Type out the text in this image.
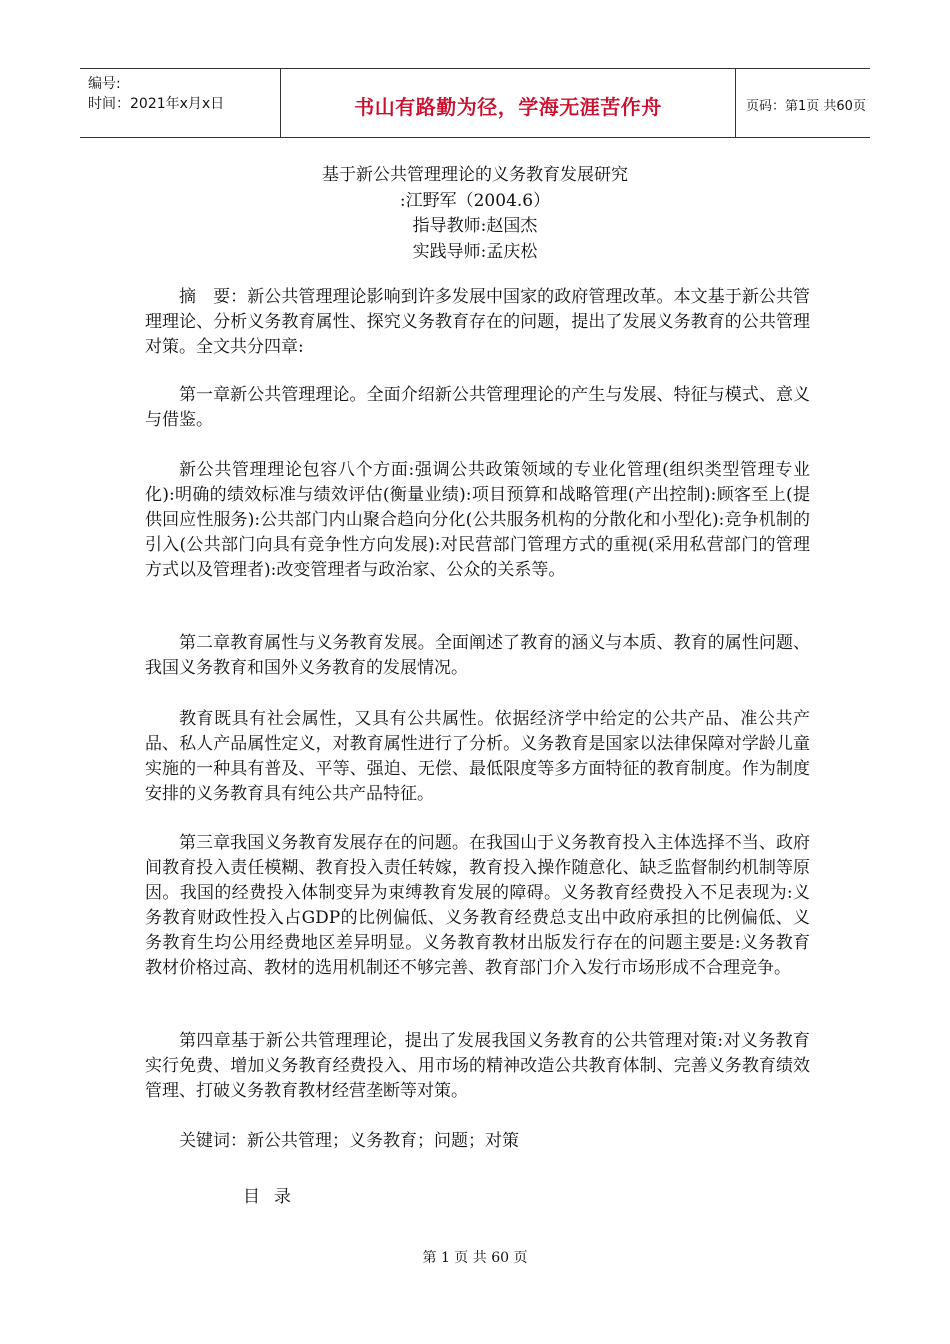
编号:
时间：2021年x月x日	书山有路勤为径，学海无涯苦作舟	页码：第1页 共60页
基于新公共管理理论的义务教育发展研究
:江野军（2004.6）
指导教师:赵国杰
实践导师:孟庆松

摘　要：新公共管理理论影响到许多发展中国家的政府管理改革。本文基于新公共管理理论、分析义务教育属性、探究义务教育存在的问题，提出了发展义务教育的公共管理对策。全文共分四章:

第一章新公共管理理论。全面介绍新公共管理理论的产生与发展、特征与模式、意义与借鉴。

新公共管理理论包容八个方面:强调公共政策领域的专业化管理(组织类型管理专业化):明确的绩效标准与绩效评估(衡量业绩):项目预算和战略管理(产出控制):顾客至上(提供回应性服务):公共部门内山聚合趋向分化(公共服务机构的分散化和小型化):竞争机制的引入(公共部门向具有竞争性方向发展):对民营部门管理方式的重视(采用私营部门的管理方式以及管理者):改变管理者与政治家、公众的关系等。

第二章教育属性与义务教育发展。全面阐述了教育的涵义与本质、教育的属性问题、我国义务教育和国外义务教育的发展情况。

教育既具有社会属性，又具有公共属性。依据经济学中给定的公共产品、准公共产品、私人产品属性定义，对教育属性进行了分析。义务教育是国家以法律保障对学龄儿童实施的一种具有普及、平等、强迫、无偿、最低限度等多方面特征的教育制度。作为制度安排的义务教育具有纯公共产品特征。

第三章我国义务教育发展存在的问题。在我国山于义务教育投入主体选择不当、政府间教育投入责任模糊、教育投入责任转嫁，教育投入操作随意化、缺乏监督制约机制等原因。我国的经费投入体制变异为束缚教育发展的障碍。义务教育经费投入不足表现为:义务教育财政性投入占GDP的比例偏低、义务教育经费总支出中政府承担的比例偏低、义务教育生均公用经费地区差异明显。义务教育教材出版发行存在的问题主要是:义务教育教材价格过高、教材的选用机制还不够完善、教育部门介入发行市场形成不合理竞争。

第四章基于新公共管理理论，提出了发展我国义务教育的公共管理对策:对义务教育实行免费、增加义务教育经费投入、用市场的精神改造公共教育体制、完善义务教育绩效管理、打破义务教育教材经营垄断等对策。

关键词：新公共管理；义务教育；问题；对策

目录
第 1 页 共 60 页
